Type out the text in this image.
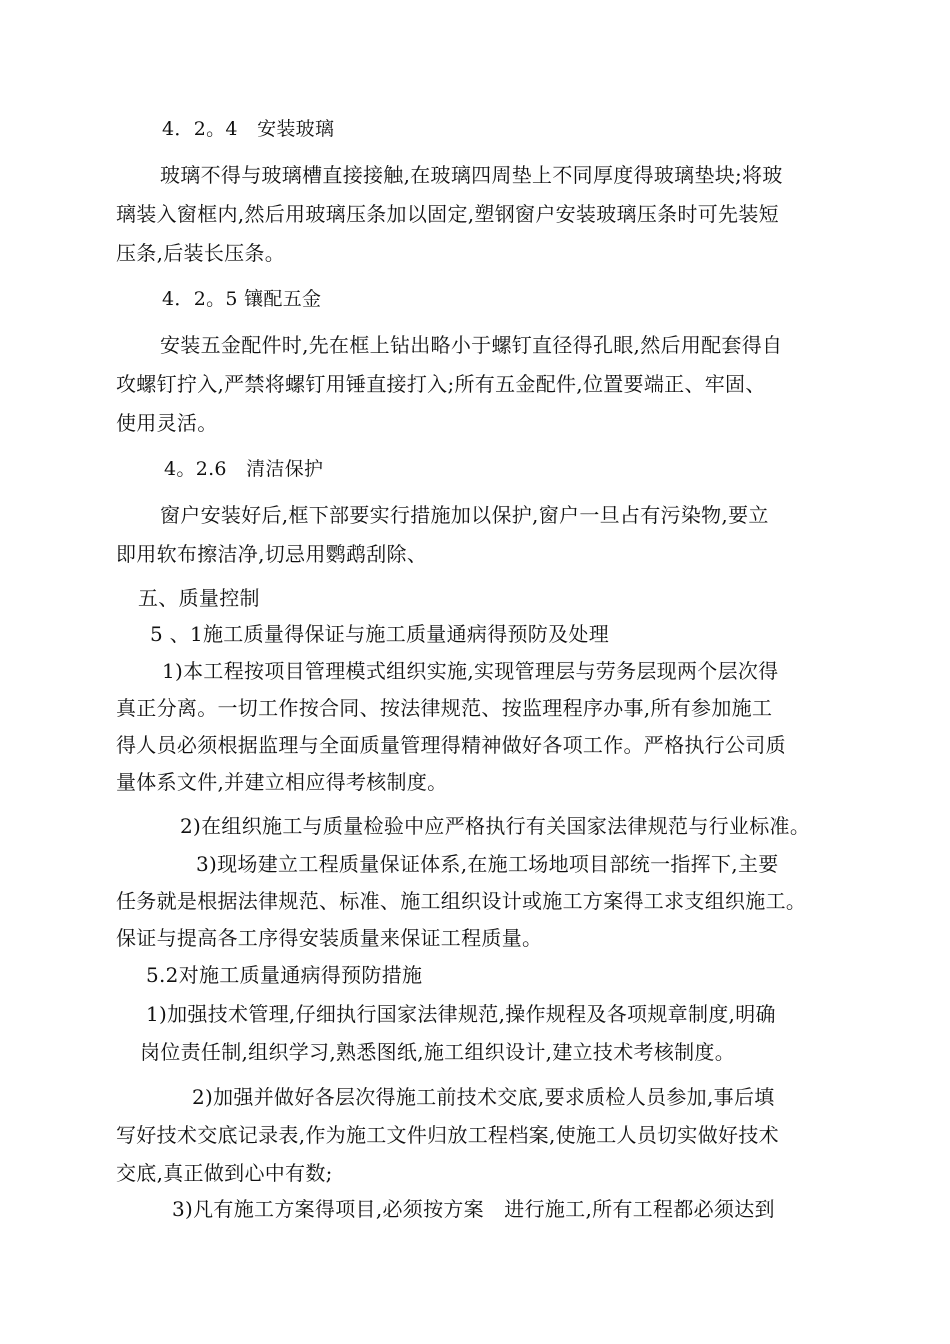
4．2。4　安装玻璃
玻璃不得与玻璃槽直接接触,在玻璃四周垫上不同厚度得玻璃垫块;将玻
璃装入窗框内,然后用玻璃压条加以固定,塑钢窗户安装玻璃压条时可先装短
压条,后装长压条。
4．2。5 镶配五金
安装五金配件时,先在框上钻出略小于螺钉直径得孔眼,然后用配套得自
攻螺钉拧入,严禁将螺钉用锤直接打入;所有五金配件,位置要端正、牢固、
使用灵活。
4。2.6　清洁保护
窗户安装好后,框下部要实行措施加以保护,窗户一旦占有污染物,要立
即用软布擦洁净,切忌用鹦鹉刮除、
五、质量控制
5 、1施工质量得保证与施工质量通病得预防及处理
1)本工程按项目管理模式组织实施,实现管理层与劳务层现两个层次得
真正分离。一切工作按合同、按法律规范、按监理程序办事,所有参加施工
得人员必须根据监理与全面质量管理得精神做好各项工作。严格执行公司质
量体系文件,并建立相应得考核制度。
2)在组织施工与质量检验中应严格执行有关国家法律规范与行业标准。
3)现场建立工程质量保证体系,在施工场地项目部统一指挥下,主要
任务就是根据法律规范、标准、施工组织设计或施工方案得工求支组织施工。
保证与提高各工序得安装质量来保证工程质量。
5.2对施工质量通病得预防措施
1)加强技术管理,仔细执行国家法律规范,操作规程及各项规章制度,明确
岗位责任制,组织学习,熟悉图纸,施工组织设计,建立技术考核制度。
2)加强并做好各层次得施工前技术交底,要求质检人员参加,事后填
写好技术交底记录表,作为施工文件归放工程档案,使施工人员切实做好技术
交底,真正做到心中有数;
3)凡有施工方案得项目,必须按方案　进行施工,所有工程都必须达到
